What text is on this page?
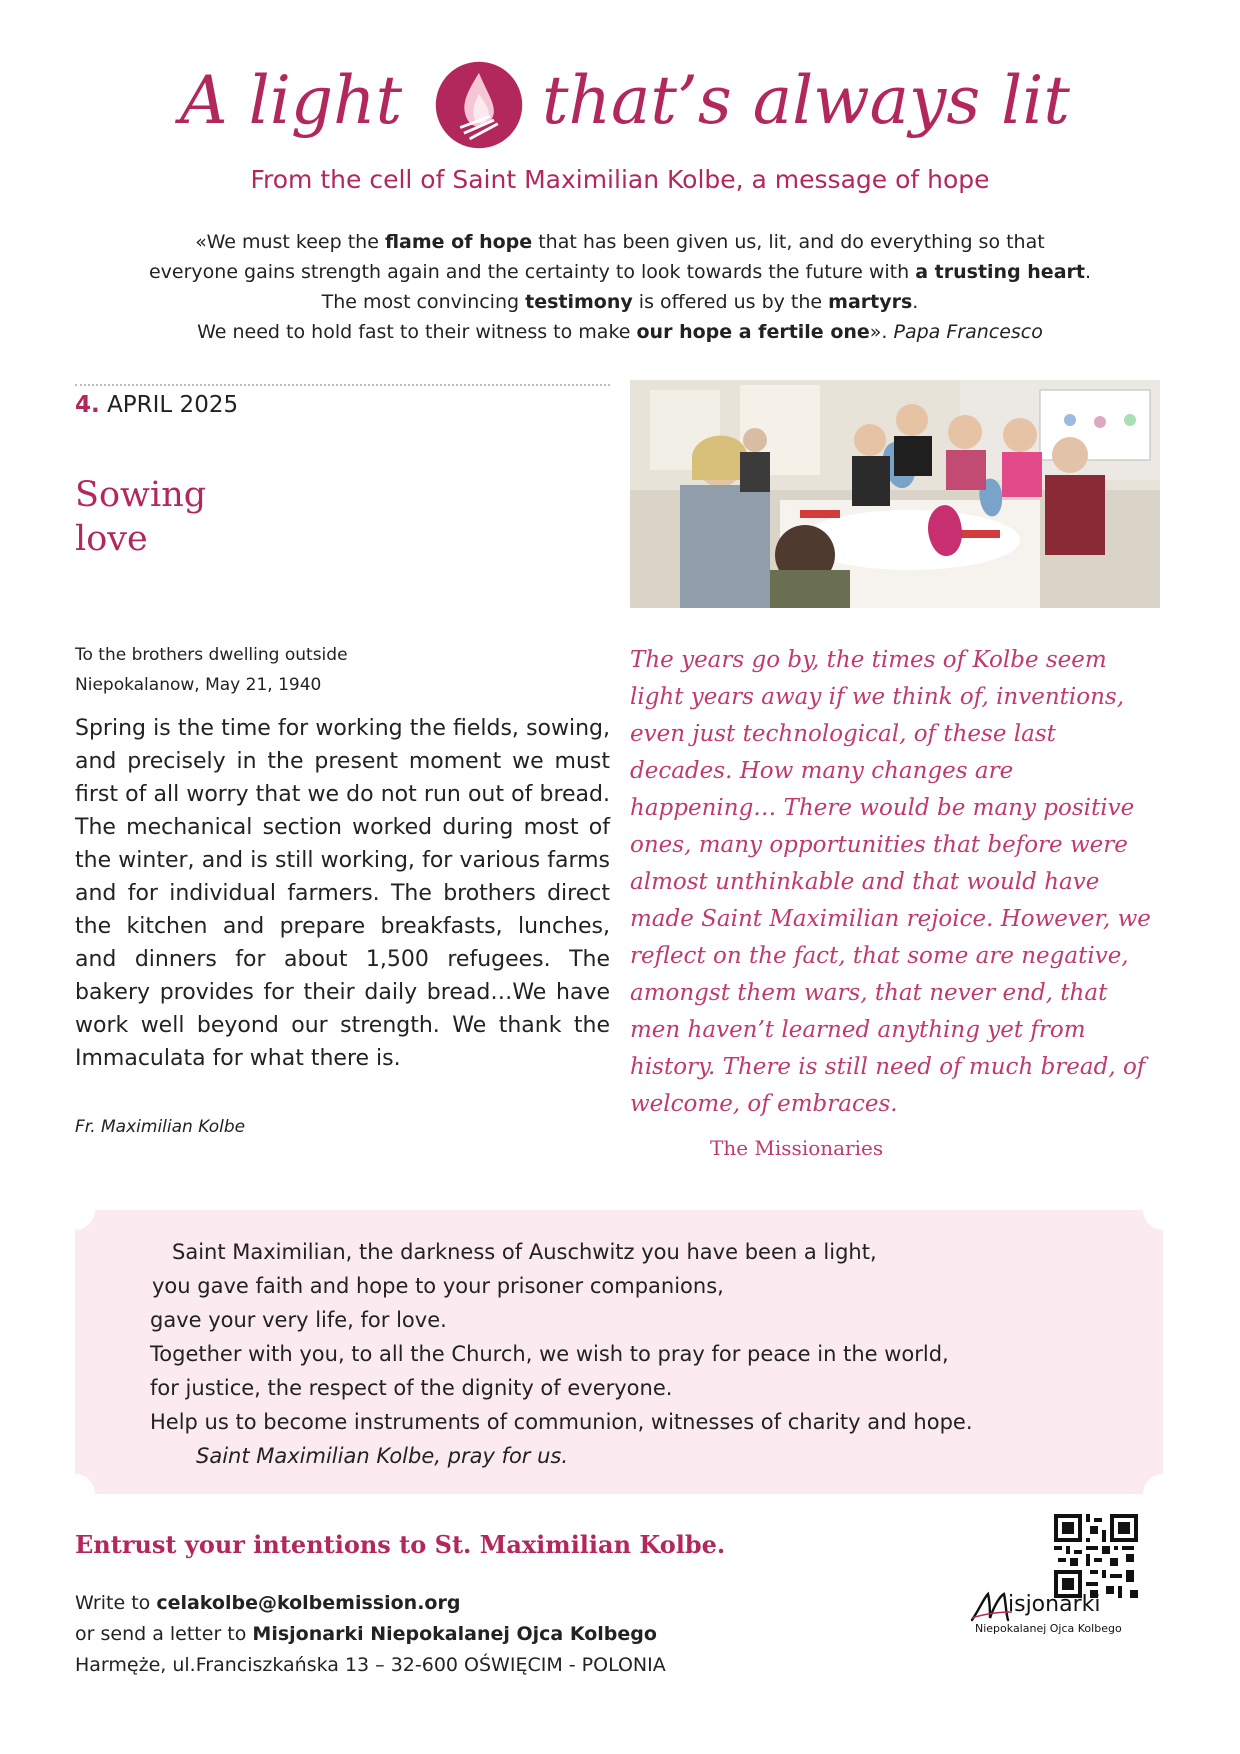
A light that’s always lit
From the cell of Saint Maximilian Kolbe, a message of hope
«We must keep the flame of hope that has been given us, lit, and do everything so that
everyone gains strength again and the certainty to look towards the future with a trusting heart.
The most convincing testimony is offered us by the martyrs.
We need to hold fast to their witness to make our hope a fertile one». Papa Francesco
4. APRIL 2025
Sowing
love
To the brothers dwelling outside
Niepokalanow, May 21, 1940
Spring is the time for working the fields, sowing, and precisely in the present moment we must first of all worry that we do not run out of bread. The mechanical section worked during most of the winter, and is still working, for various farms and for individual farmers. The brothers direct the kitchen and prepare breakfasts, lunches, and dinners for about 1,500 refugees. The bakery provides for their daily bread…We have work well beyond our strength. We thank the Immaculata for what there is.
Fr. Maximilian Kolbe
The years go by, the times of Kolbe seem light years away if we think of, inventions, even just technological, of these last decades. How many changes are happening… There would be many positive ones, many opportunities that before were almost unthinkable and that would have made Saint Maximilian rejoice. However, we reflect on the fact, that some are negative, amongst them wars, that never end, that men haven’t learned anything yet from history. There is still need of much bread, of welcome, of embraces.
The Missionaries
Saint Maximilian, the darkness of Auschwitz you have been a light,
you gave faith and hope to your prisoner companions,
gave your very life, for love.
Together with you, to all the Church, we wish to pray for peace in the world,
for justice, the respect of the dignity of everyone.
Help us to become instruments of communion, witnesses of charity and hope.
Saint Maximilian Kolbe, pray for us.
Entrust your intentions to St. Maximilian Kolbe.
Write to celakolbe@kolbemission.org
or send a letter to Misjonarki Niepokalanej Ojca Kolbego
Harmęże, ul.Franciszkańska 13 – 32-600 OŚWIĘCIM - POLONIA
isjonarki
Niepokalanej Ojca Kolbego
